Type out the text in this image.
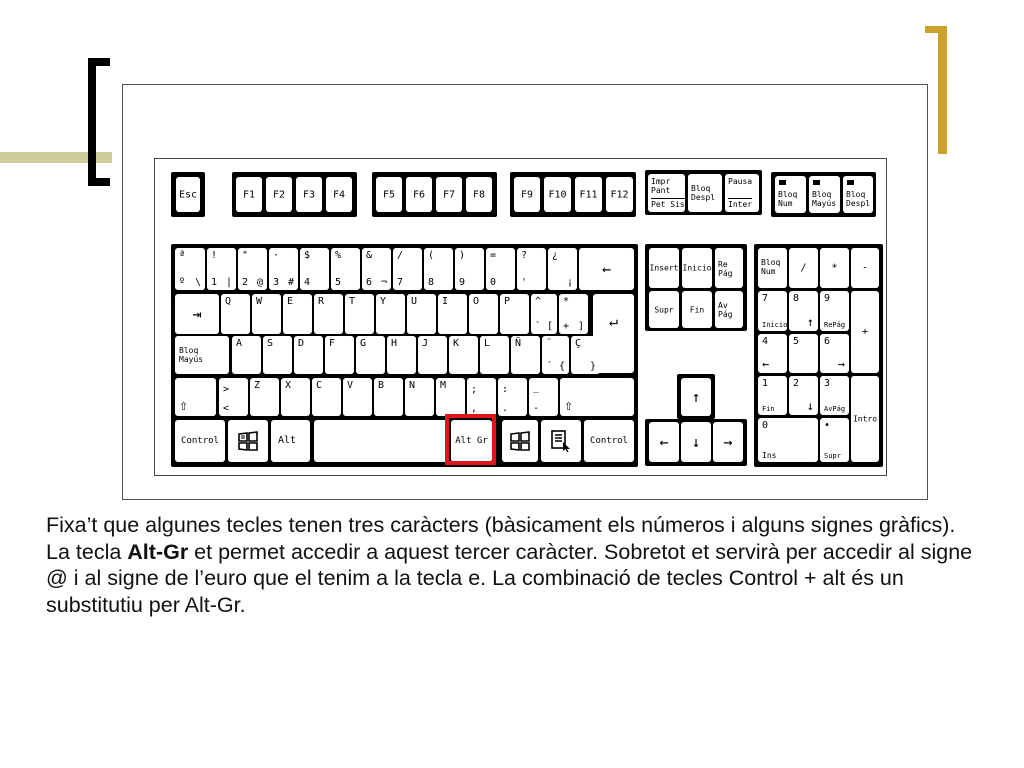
Esc	F1	F2	F3	F4	F5	F6	F7	F8	F9	F10	F11	F12
Impr Pant
Pet Sis
Bloq Despl
Pausa
Inter
Bloq Num
Bloq Mayús
Bloq Despl
ª
º \
!
1 |
"
2 @
·
3 #
$
4
%
5
&
6 ¬
/
7
(
8
)
9
=
0
?
'
¿
¡
←
⇥
Q W E R T Y U I O P ^
` [
*
+ ]	↵
Bloq Mayús
A S D F G H J K L Ñ ¨
´ {
Ç
}
⇧
>
<
Z X C V B N M ;
,
:
.
_
- ⇧
Control	Alt	Alt Gr	Control
Insert Inicio Re Pág
Supr	Fin	Av Pág
↑
←	↓	→
Bloq Num	/	*	-
7
Inicio
8
↑
9
RePág
+
4
←
5 6
→
1
Fin
2
↓
3
AvPág
Intro
0
Ins
•
Supr

Fixa’t que algunes tecles tenen tres caràcters (bàsicament els números i alguns signes gràfics). La tecla Alt-Gr et permet accedir a aquest tercer caràcter. Sobretot et servirà per accedir al signe @ i al signe de l’euro que el tenim a la tecla e. La combinació de tecles Control + alt és un substitutiu per Alt-Gr.
